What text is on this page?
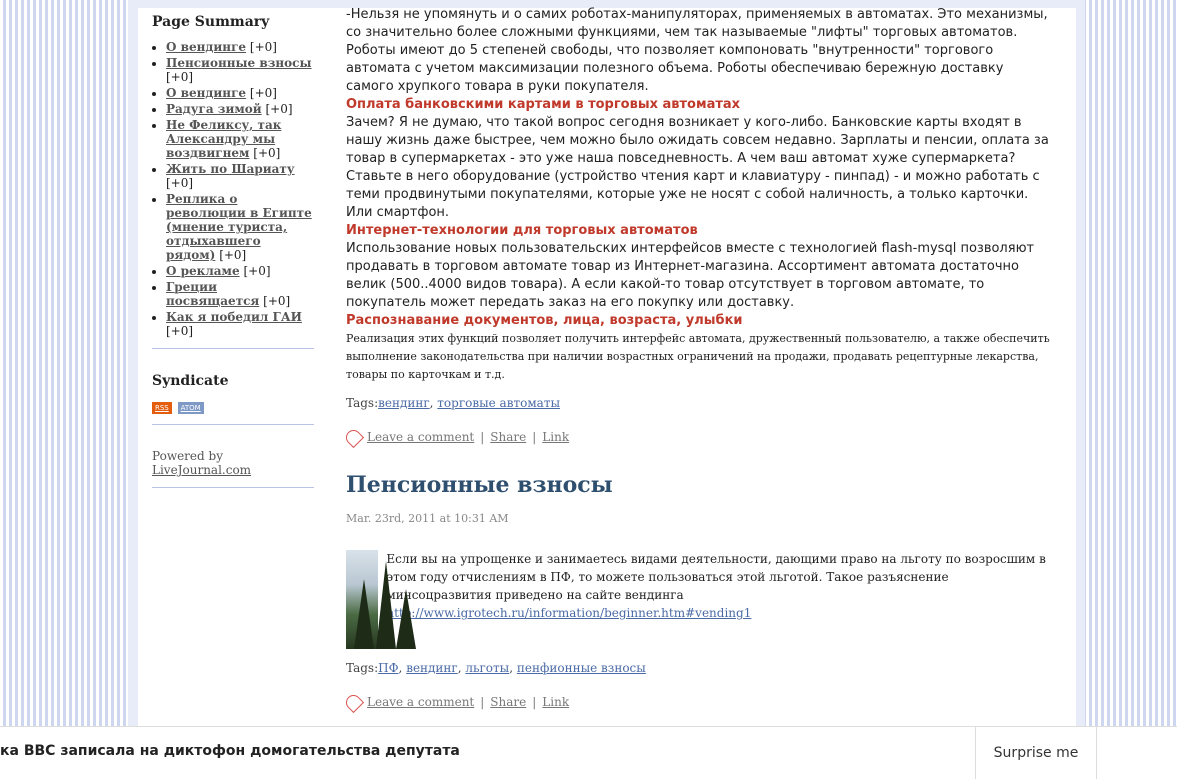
Page Summary
• О вендинге [+0]
• Пенсионные взносы [+0]
• О вендинге [+0]
• Радуга зимой [+0]
• Не Феликсу, так Александру мы воздвигнем [+0]
• Жить по Шариату [+0]
• Реплика о революции в Египте (мнение туриста, отдыхавшего рядом) [+0]
• О рекламе [+0]
• Греции посвящается [+0]
• Как я победил ГАИ [+0]
Syndicate
RSS ATOM
Powered by LiveJournal.com

-Нельзя не упомянуть и о самих роботах-манипуляторах, применяемых в автоматах. Это механизмы, со значительно более сложными функциями, чем так называемые "лифты" торговых автоматов. Роботы имеют до 5 степеней свободы, что позволяет компоновать "внутренности" торгового автомата с учетом максимизации полезного объема. Роботы обеспечиваю бережную доставку самого хрупкого товара в руки покупателя.

Оплата банковскими картами в торговых автоматах

Зачем? Я не думаю, что такой вопрос сегодня возникает у кого-либо. Банковские карты входят в нашу жизнь даже быстрее, чем можно было ожидать совсем недавно. Зарплаты и пенсии, оплата за товар в супермаркетах - это уже наша повседневность. А чем ваш автомат хуже супермаркета? Ставьте в него оборудование (устройство чтения карт и клавиатуру - пинпад) - и можно работать с теми продвинутыми покупателями, которые уже не носят с собой наличность, а только карточки. Или смартфон.

Интернет-технологии для торговых автоматов

Использование новых пользовательских интерфейсов вместе с технологией flash-mysql позволяют продавать в торговом автомате товар из Интернет-магазина. Ассортимент автомата достаточно велик (500..4000 видов товара). А если какой-то товар отсутствует в торговом автомате, то покупатель может передать заказ на его покупку или доставку.

Распознавание документов, лица, возраста, улыбки

Реализация этих функций позволяет получить интерфейс автомата, дружественный пользователю, а также обеспечить выполнение законодательства при наличии возрастных ограничений на продажи, продавать рецептурные лекарства, товары по карточкам и т.д.

Tags:вендинг, торговые автоматы
Leave a comment | Share | Link
Пенсионные взносы
Mar. 23rd, 2011 at 10:31 AM
Если вы на упрощенке и занимаетесь видами деятельности, дающими право на льготу по возросшим в этом году отчислениям в ПФ, то можете пользоваться этой льготой. Такое разъяснение минсоцразвития приведено на сайте вендинга
http://www.igrotech.ru/information/beginner.htm#vending1
Tags:ПФ, вендинг, льготы, пенфионные взносы
Leave a comment | Share | Link
ка BBC записала на диктофон домогательства депутата	Surprise me
